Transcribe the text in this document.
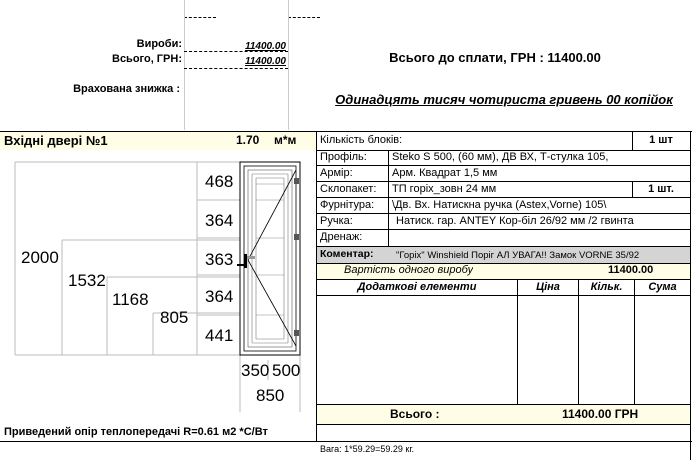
Вироби:	11400.00
Всього, ГРН:	11400.00
Врахована знижка :
Всього до сплати, ГРН : 11400.00
Одинадцять тисяч чотириста гривень 00 копійок
Вхідні двері №1	1.70 м*м
2000
1532
1168
805
468
364
363
364
441
350 500
850
Приведений опір теплопередачі R=0.61 м2 *С/Вт
Кількість блоків:	1 шт
Профіль: Steko S 500, (60 мм), ДВ ВХ, Т-стулка 105,
Армір:	Арм. Квадрат 1,5 мм
Склопакет: ТП горіх_зовн 24 мм	1 шт.
Фурнітура: \Дв. Вх. Натискна ручка (Astex,Vorne) 105\
Ручка:	Натиск. гар. ANTEY Кор-біл 26/92 мм /2 гвинта
Дренаж:
Коментар: "Горіх" Winshield Поріг АЛ УВАГА!! Замок VORNE 35/92
Вартість одного виробу	11400.00
Додаткові елементи	Ціна	Кільк.	Сума
Всього :	11400.00 ГРН
Вага: 1*59.29=59.29 кг.
